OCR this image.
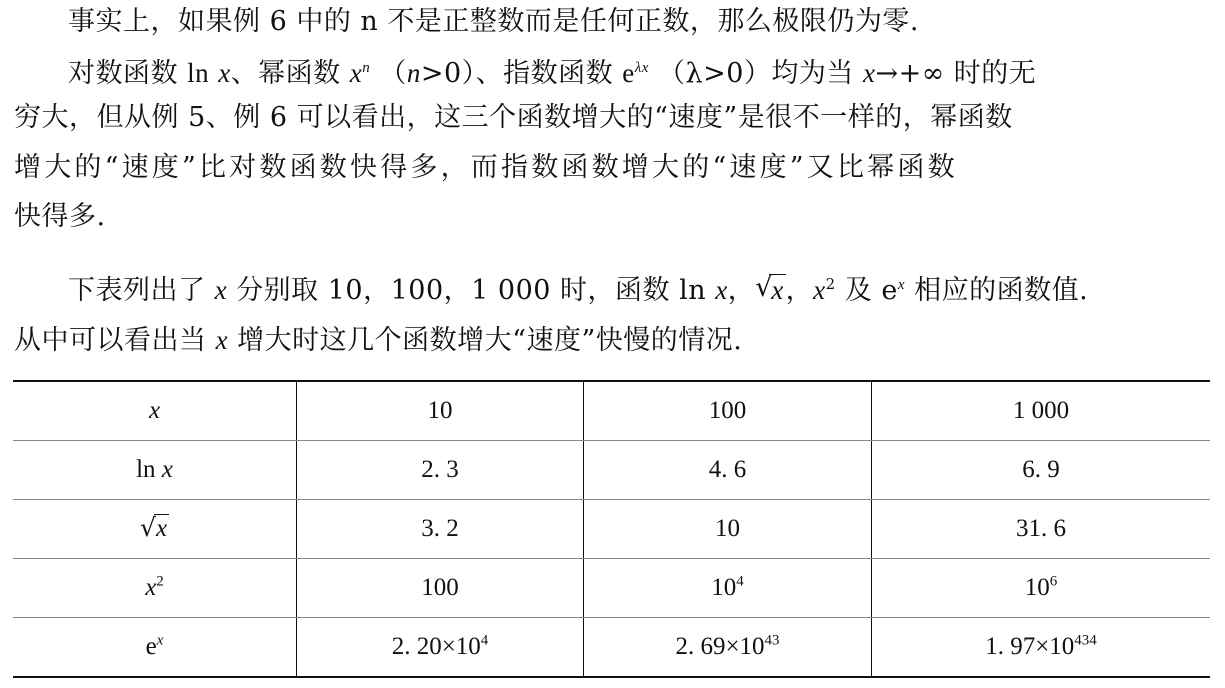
事实上，如果例 6 中的 n 不是正整数而是任何正数，那么极限仍为零.
对数函数 ln x、幂函数 $x^n$ （n>0）、指数函数 $e^{\lambda x}$ （λ>0）均为当 x→+∞ 时的无
穷大，但从例 5、例 6 可以看出，这三个函数增大的“速度”是很不一样的，幂函数
增大的“速度”比对数函数快得多，而指数函数增大的“速度”又比幂函数
快得多.
下表列出了 x 分别取 10，100，1 000 时，函数 ln x， √
x，$x^2$ 及 $e^x$ 相应的函数值.
从中可以看出当 x 增大时这几个函数增大“速度”快慢的情况.
x	10	100	1 000
ln x	2. 3	4. 6	6. 9

√ x	3. 2	10	31. 6
$x^2$	100	$10^4$	$10^6$
$e^x$	2. $20\times 10^4$	2. $69\times 10^{43}$	1. $97\times 10^{434}$
